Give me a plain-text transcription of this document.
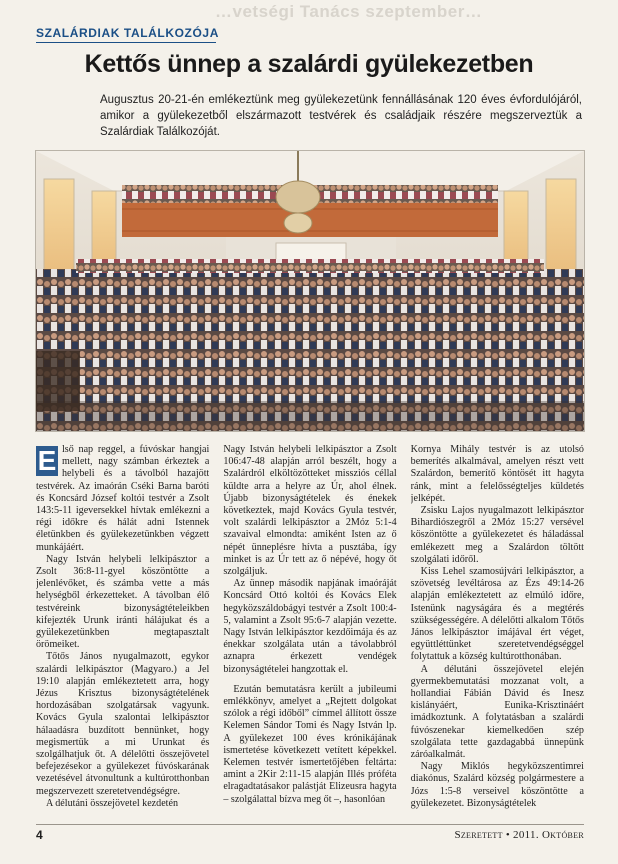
…vetségi Tanács szeptember…
SZALÁRDIAK TALÁLKOZÓJA
Kettős ünnep a szalárdi gyülekezetben
Augusztus 20-21-én emlékeztünk meg gyülekezetünk fennállásának 120 éves évfordulójáról, amikor a gyülekezetből elszármazott testvérek és családjaik részére megszerveztük a Szalárdiak Találkozóját.

E lső nap reggel, a fúvóskar hangjai mellett, nagy számban érkeztek a helybeli és a távolból hazajött testvérek. Az imaórán Cséki Barna baróti és Koncsárd József koltói testvér a Zsolt 143:5-11 igeversekkel hívtak emlékezni a régi időkre és hálát adni Istennek életünkben és gyülekezetünkben végzett munkájáért.

Nagy István helybeli lelkipásztor a Zsolt 36:8-11-gyel köszöntötte a jelenlévőket, és számba vette a más helységből érkezetteket. A távolban élő testvéreink bizonyságtételeikben kifejezték Urunk iránti hálájukat és a gyülekezetünkben megtapasztalt örömeiket.

Tőtős János nyugalmazott, egykor szalárdi lelkipásztor (Magyaro.) a Jel 19:10 alapján emlékeztetett arra, hogy Jézus Krisztus bizonyságtételének hordozásában szolgatársak vagyunk. Kovács Gyula szalontai lelkipásztor hálaadásra buzdított bennünket, hogy megismertük a mi Urunkat és szolgálhatjuk őt. A délelőtti összejövetel befejezésekor a gyülekezet fúvóskarának vezetésével átvonultunk a kultúrotthonban megszervezett szeretetvendégségre.

A délutáni összejövetel kezdetén

Nagy István helybeli lelkipásztor a Zsolt 106:47-48 alapján arról beszélt, hogy a Szalárdról elköltözötteket missziós céllal küldte arra a helyre az Úr, ahol élnek. Újabb bizonyságtételek és énekek következtek, majd Kovács Gyula testvér, volt szalárdi lelkipásztor a 2Móz 5:1-4 szavaival elmondta: amiként Isten az ő népét ünneplésre hívta a pusztába, így minket is az Úr tett az ő népévé, hogy őt szolgáljuk.

Az ünnep második napjának imaóráját Koncsárd Ottó koltói és Kovács Elek hegyközszáldobágyi testvér a Zsolt 100:4-5, valamint a Zsolt 95:6-7 alapján vezette. Nagy István lelkipásztor kezdőimája és az énekkar szolgálata után a távolabbról aznapra érkezett vendégek bizonyságtételei hangzottak el.

Ezután bemutatásra került a jubileumi emlékkönyv, amelyet a „Rejtett dolgokat szólok a régi időből” címmel állított össze Kelemen Sándor Tomi és Nagy István lp. A gyülekezet 100 éves krónikájának ismertetése következett vetített képekkel. Kelemen testvér ismertetőjében feltárta: amint a 2Kir 2:11-15 alapján Illés próféta elragadtatásakor palástját Elizeusra hagyta – szolgálattal bízva meg őt –, hasonlóan

Kornya Mihály testvér is az utolsó bemerítés alkalmával, amelyen részt vett Szalárdon, bemerítő köntösét itt hagyta ránk, mint a felelősségteljes küldetés jelképét.

Zsisku Lajos nyugalmazott lelkipásztor Bihardiószegről a 2Móz 15:27 versével köszöntötte a gyülekezetet és háladással emlékezett meg a Szalárdon töltött szolgálati időről.

Kiss Lehel szamosújvári lelkipásztor, a szövetség levéltárosa az Ézs 49:14-26 alapján emlékeztetett az elmúló időre, Istenünk nagyságára és a megtérés szükségességére. A délelőtti alkalom Tőtős János lelkipásztor imájával ért véget, együttléttünket szeretetvendégséggel folytattuk a község kultúrotthonában.

A délutáni összejövetel elején gyermekbemutatási mozzanat volt, a hollandiai Fábián Dávid és Inesz kislányáért, Eunika-Krisztináért imádkoztunk. A folytatásban a szalárdi fúvószenekar kiemelkedően szép szolgálata tette gazdagabbá ünnepünk záróalkalmát.

Nagy Miklós hegyközszentimrei diakónus, Szalárd község polgármestere a Józs 1:5-8 verseivel köszöntötte a gyülekezetet. Bizonyságtételek

4	Szeretett • 2011. Október
